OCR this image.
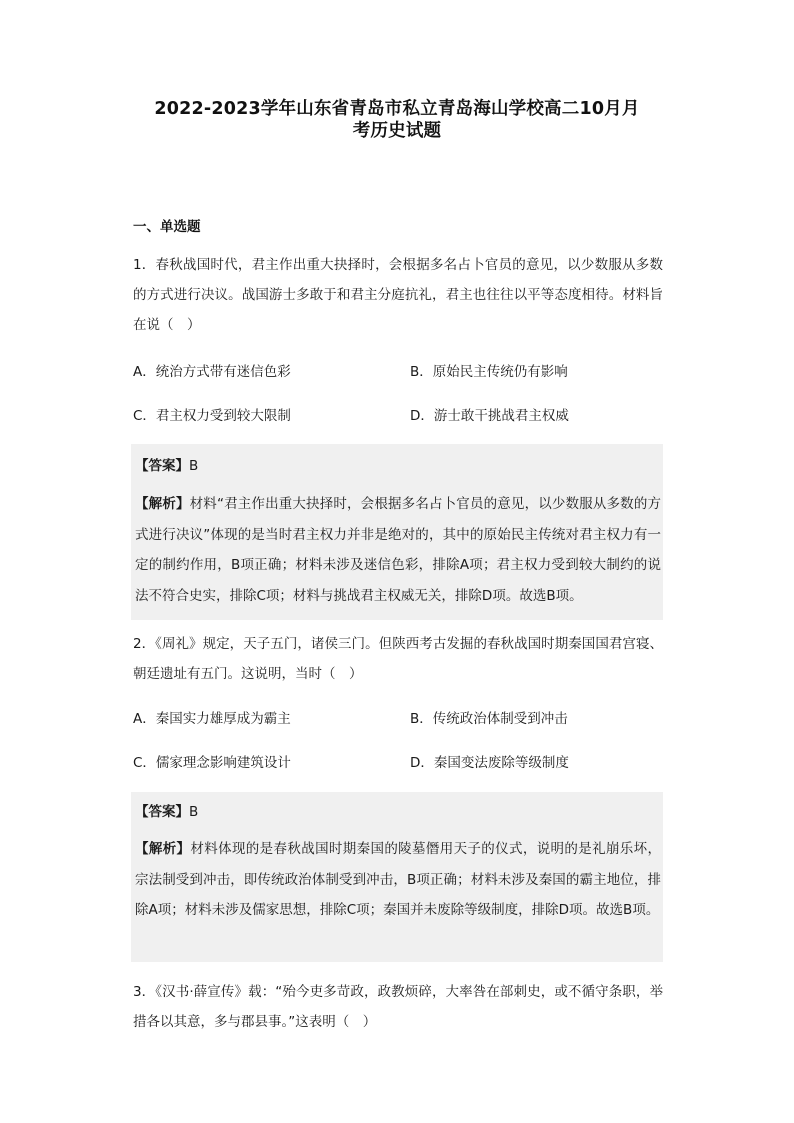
2022-2023学年山东省青岛市私立青岛海山学校高二10月月
考历史试题
一、单选题
1．春秋战国时代，君主作出重大抉择时，会根据多名占卜官员的意见，以少数服从多数的方式进行决议。战国游士多敢于和君主分庭抗礼，君主也往往以平等态度相待。材料旨在说（　）
A．统治方式带有迷信色彩	B．原始民主传统仍有影响
C．君主权力受到较大限制	D．游士敢干挑战君主权威
【答案】B
【解析】材料“君主作出重大抉择时，会根据多名占卜官员的意见，以少数服从多数的方式进行决议”体现的是当时君主权力并非是绝对的，其中的原始民主传统对君主权力有一定的制约作用，B项正确；材料未涉及迷信色彩，排除A项；君主权力受到较大制约的说法不符合史实，排除C项；材料与挑战君主权威无关，排除D项。故选B项。
2．《周礼》规定，天子五门，诸侯三门。但陕西考古发掘的春秋战国时期秦国国君宫寝、朝廷遗址有五门。这说明，当时（　）
A．秦国实力雄厚成为霸主	B．传统政治体制受到冲击
C．儒家理念影响建筑设计	D．秦国变法废除等级制度
【答案】B
【解析】材料体现的是春秋战国时期秦国的陵墓僭用天子的仪式，说明的是礼崩乐坏，宗法制受到冲击，即传统政治体制受到冲击，B项正确；材料未涉及秦国的霸主地位，排除A项；材料未涉及儒家思想，排除C项；秦国并未废除等级制度，排除D项。故选B项。
3．《汉书·薛宣传》载：“殆今吏多苛政，政教烦碎，大率咎在部刺史，或不循守条职，举措各以其意，多与郡县事。”这表明（　）
